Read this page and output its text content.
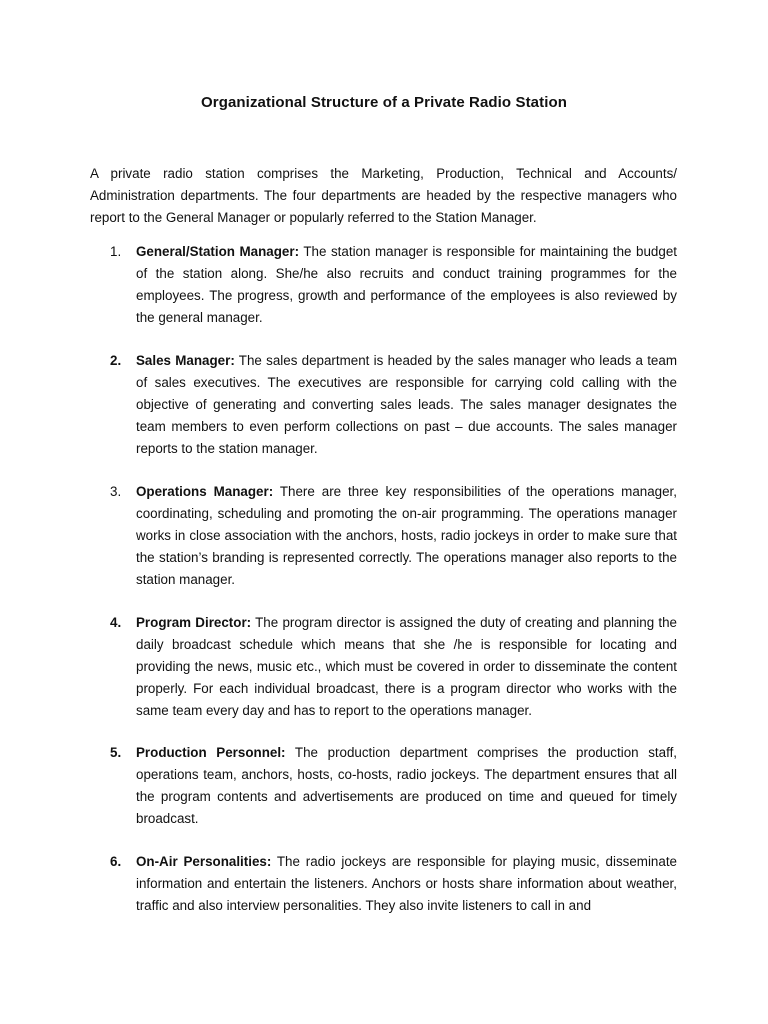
Organizational Structure of a Private Radio Station

A private radio station comprises the Marketing, Production, Technical and Accounts/ Administration departments. The four departments are headed by the respective managers who report to the General Manager or popularly referred to the Station Manager.

1. General/Station Manager: The station manager is responsible for maintaining the budget of the station along. She/he also recruits and conduct training programmes for the employees. The progress, growth and performance of the employees is also reviewed by the general manager.

2. Sales Manager: The sales department is headed by the sales manager who leads a team of sales executives. The executives are responsible for carrying cold calling with the objective of generating and converting sales leads. The sales manager designates the team members to even perform collections on past – due accounts. The sales manager reports to the station manager.

3. Operations Manager: There are three key responsibilities of the operations manager, coordinating, scheduling and promoting the on-air programming. The operations manager works in close association with the anchors, hosts, radio jockeys in order to make sure that the station’s branding is represented correctly. The operations manager also reports to the station manager.

4. Program Director: The program director is assigned the duty of creating and planning the daily broadcast schedule which means that she /he is responsible for locating and providing the news, music etc., which must be covered in order to disseminate the content properly. For each individual broadcast, there is a program director who works with the same team every day and has to report to the operations manager.

5. Production Personnel: The production department comprises the production staff, operations team, anchors, hosts, co-hosts, radio jockeys. The department ensures that all the program contents and advertisements are produced on time and queued for timely broadcast.

6. On-Air Personalities: The radio jockeys are responsible for playing music, disseminate information and entertain the listeners. Anchors or hosts share information about weather, traffic and also interview personalities. They also invite listeners to call in and
